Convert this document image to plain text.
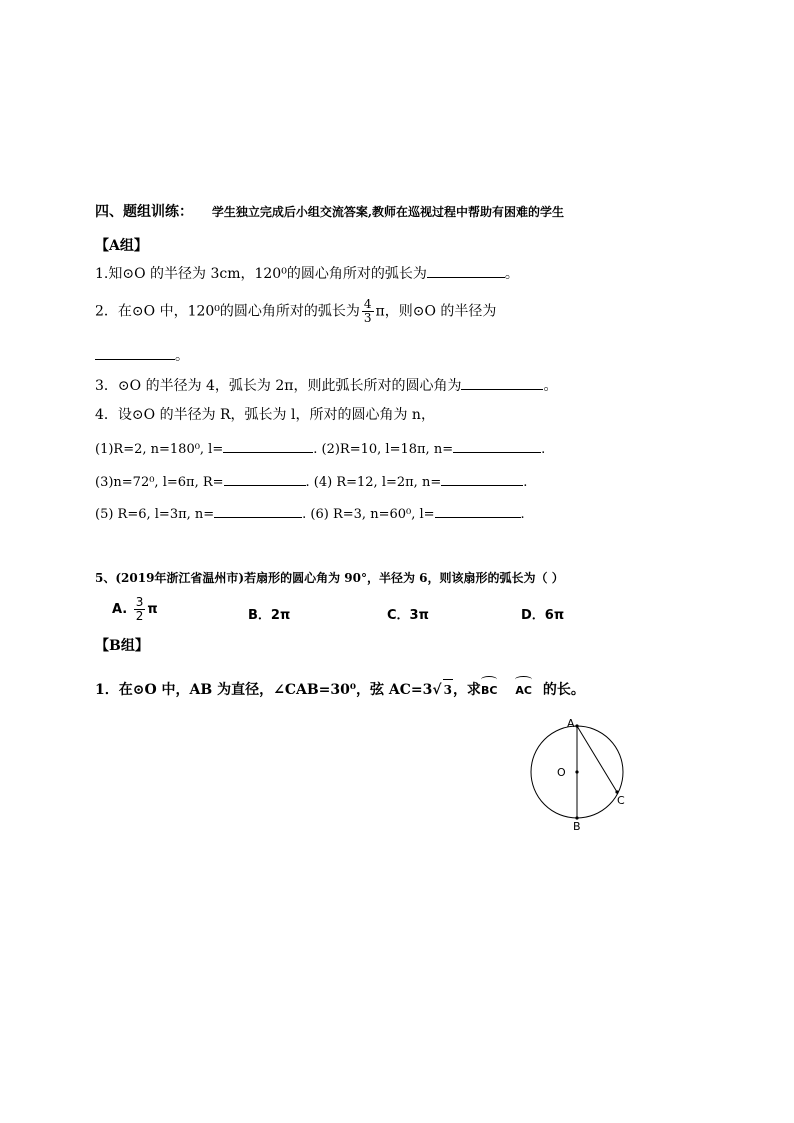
四、题组训练： 学生独立完成后小组交流答案,教师在巡视过程中帮助有困难的学生
【A组】
1.知⊙O 的半径为 3cm，120⁰的圆心角所对的弧长为	。
2．在⊙O 中，120⁰的圆心角所对的弧长为 $\frac{4}{3}$ π，则⊙O 的半径为
。
3．⊙O 的半径为 4，弧长为 2π，则此弧长所对的圆心角为	。
4．设⊙O 的半径为 R，弧长为 l，所对的圆心角为 n，
(1)R=2, n=180⁰, l=	. (2)R=10, l=18π, n=	.
(3)n=72⁰, l=6π, R=	. (4) R=12, l=2π, n=	.
(5) R=6, l=3π, n=	. (6) R=3, n=60⁰, l=	.
5、(2019年浙江省温州市)若扇形的圆心角为 90°，半径为 6，则该扇形的弧长为（ ）
A. $\frac{3}{2}$ π	B．2π	C．3π	D．6π
【B组】
1．在⊙O 中，AB 为直径，∠CAB=30⁰，弦 AC=3√ 3，求BC AC 的长。
A
O
B
C
